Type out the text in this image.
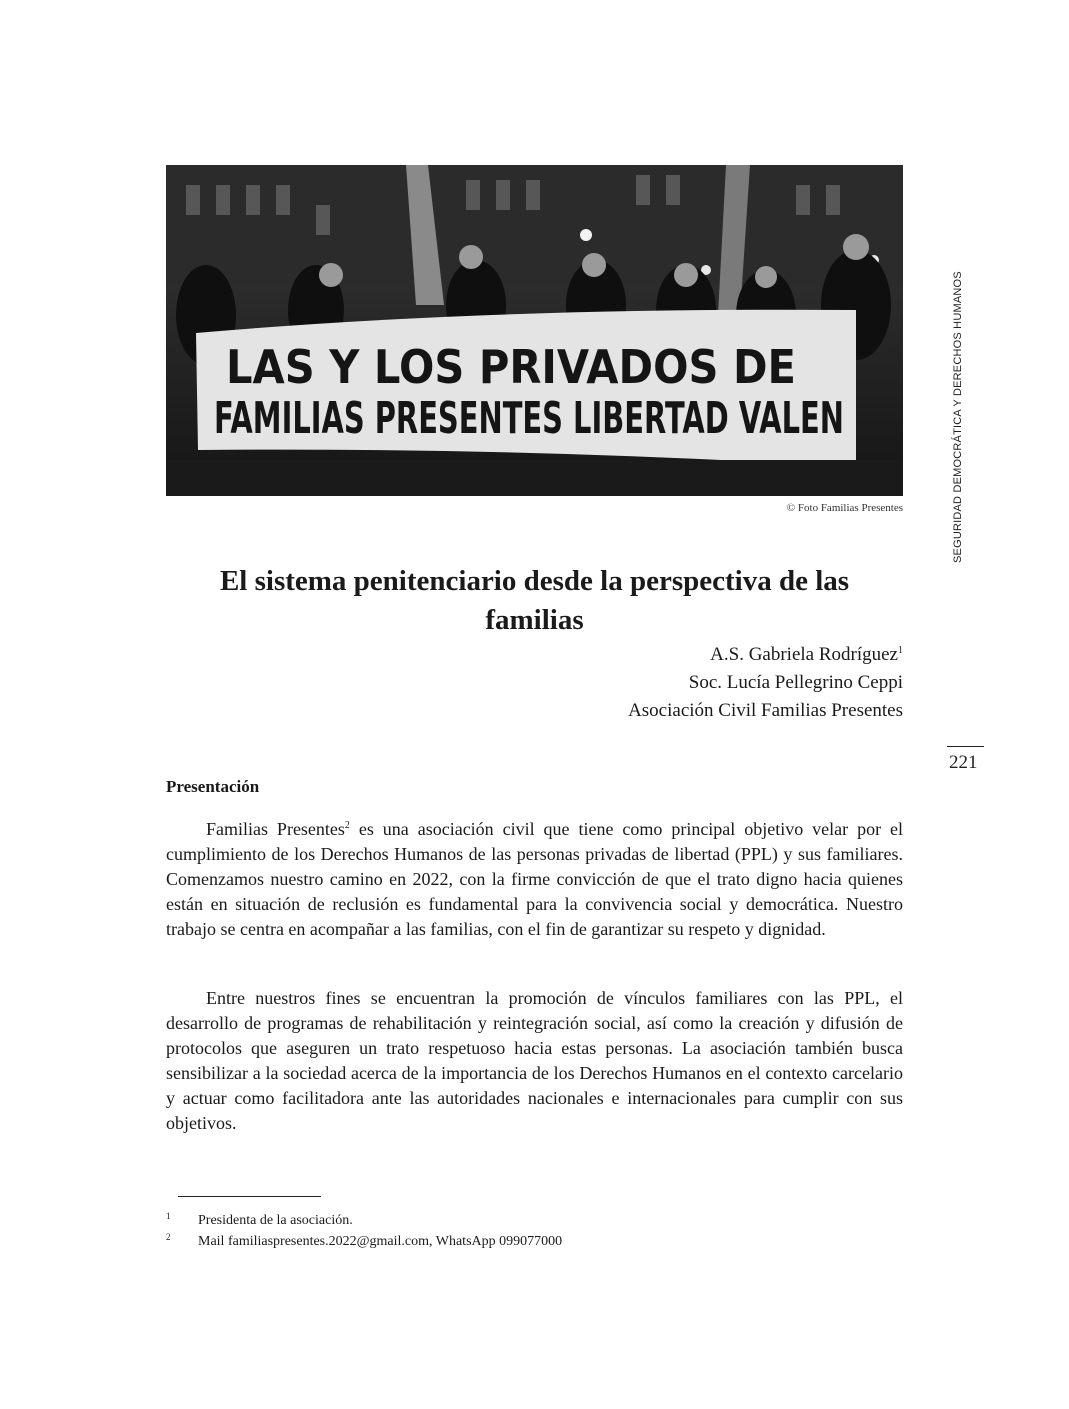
LAS Y LOS PRIVADOS DE
FAMILIAS PRESENTES LIBERTAD VALEN
© Foto Familias Presentes	SEGURIDAD DEMOCRÁTICA Y DERECHOS HUMANOS
221
El sistema penitenciario desde la perspectiva de las
familias
A.S. Gabriela Rodríguez$^1$
Soc. Lucía Pellegrino Ceppi
Asociación Civil Familias Presentes
Presentación

Familias Presentes$^2$ es una asociación civil que tiene como principal objetivo velar por el cumplimiento de los Derechos Humanos de las personas privadas de libertad (PPL) y sus familiares. Comenzamos nuestro camino en 2022, con la firme convicción de que el trato digno hacia quienes están en situación de reclusión es fundamental para la convivencia social y democrática. Nuestro trabajo se centra en acompañar a las familias, con el fin de garantizar su respeto y dignidad.

Entre nuestros fines se encuentran la promoción de vínculos familiares con las PPL, el desarrollo de programas de rehabilitación y reintegración social, así como la creación y difusión de protocolos que aseguren un trato respetuoso hacia estas personas. La asociación también busca sensibilizar a la sociedad acerca de la importancia de los Derechos Humanos en el contexto carcelario y actuar como facilitadora ante las autoridades nacionales e internacionales para cumplir con sus objetivos.

1 Presidenta de la asociación.
2 Mail familiaspresentes.2022@gmail.com, WhatsApp 099077000
